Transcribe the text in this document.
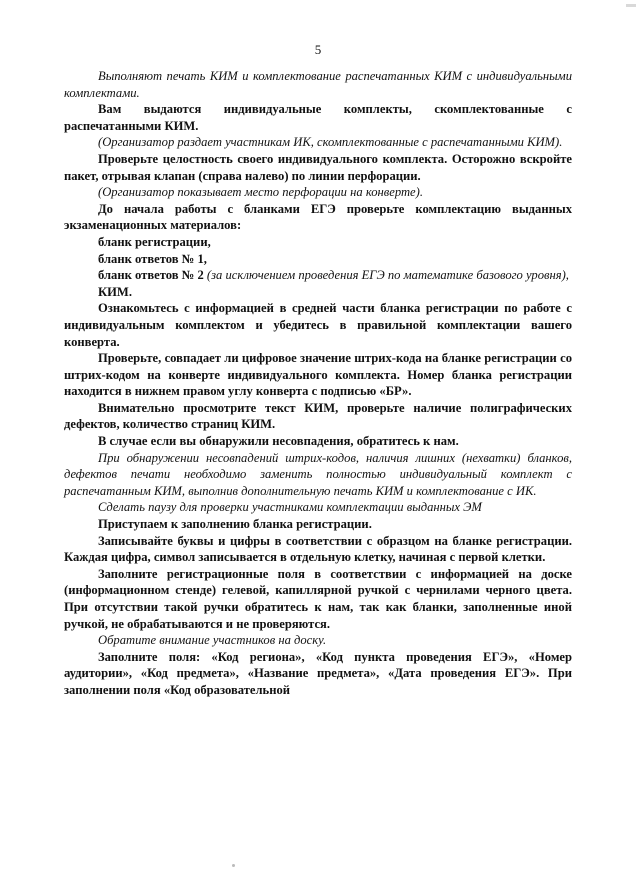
5

Выполняют печать КИМ и комплектование распечатанных КИМ с индивидуальными комплектами.

Вам выдаются индивидуальные комплекты, скомплектованные с распечатанными КИМ.

(Организатор раздает участникам ИК, скомплектованные с распечатанными КИМ).

Проверьте целостность своего индивидуального комплекта. Осторожно вскройте пакет, отрывая клапан (справа налево) по линии перфорации.

(Организатор показывает место перфорации на конверте).

До начала работы с бланками ЕГЭ проверьте комплектацию выданных экзаменационных материалов:

бланк регистрации,

бланк ответов № 1,

бланк ответов № 2 (за исключением проведения ЕГЭ по математике базового уровня),

КИМ.

Ознакомьтесь с информацией в средней части бланка регистрации по работе с индивидуальным комплектом и убедитесь в правильной комплектации вашего конверта.

Проверьте, совпадает ли цифровое значение штрих-кода на бланке регистрации со штрих-кодом на конверте индивидуального комплекта. Номер бланка регистрации находится в нижнем правом углу конверта с подписью «БР».

Внимательно просмотрите текст КИМ, проверьте наличие полиграфических дефектов, количество страниц КИМ.

В случае если вы обнаружили несовпадения, обратитесь к нам.

При обнаружении несовпадений штрих-кодов, наличия лишних (нехватки) бланков, дефектов печати необходимо заменить полностью индивидуальный комплект с распечатанным КИМ, выполнив дополнительную печать КИМ и комплектование с ИК.

Сделать паузу для проверки участниками комплектации выданных ЭМ

Приступаем к заполнению бланка регистрации.

Записывайте буквы и цифры в соответствии с образцом на бланке регистрации. Каждая цифра, символ записывается в отдельную клетку, начиная с первой клетки.

Заполните регистрационные поля в соответствии с информацией на доске (информационном стенде) гелевой, капиллярной ручкой с чернилами черного цвета. При отсутствии такой ручки обратитесь к нам, так как бланки, заполненные иной ручкой, не обрабатываются и не проверяются.

Обратите внимание участников на доску.

Заполните поля: «Код региона», «Код пункта проведения ЕГЭ», «Номер аудитории», «Код предмета», «Название предмета», «Дата проведения ЕГЭ». При заполнении поля «Код образовательной
